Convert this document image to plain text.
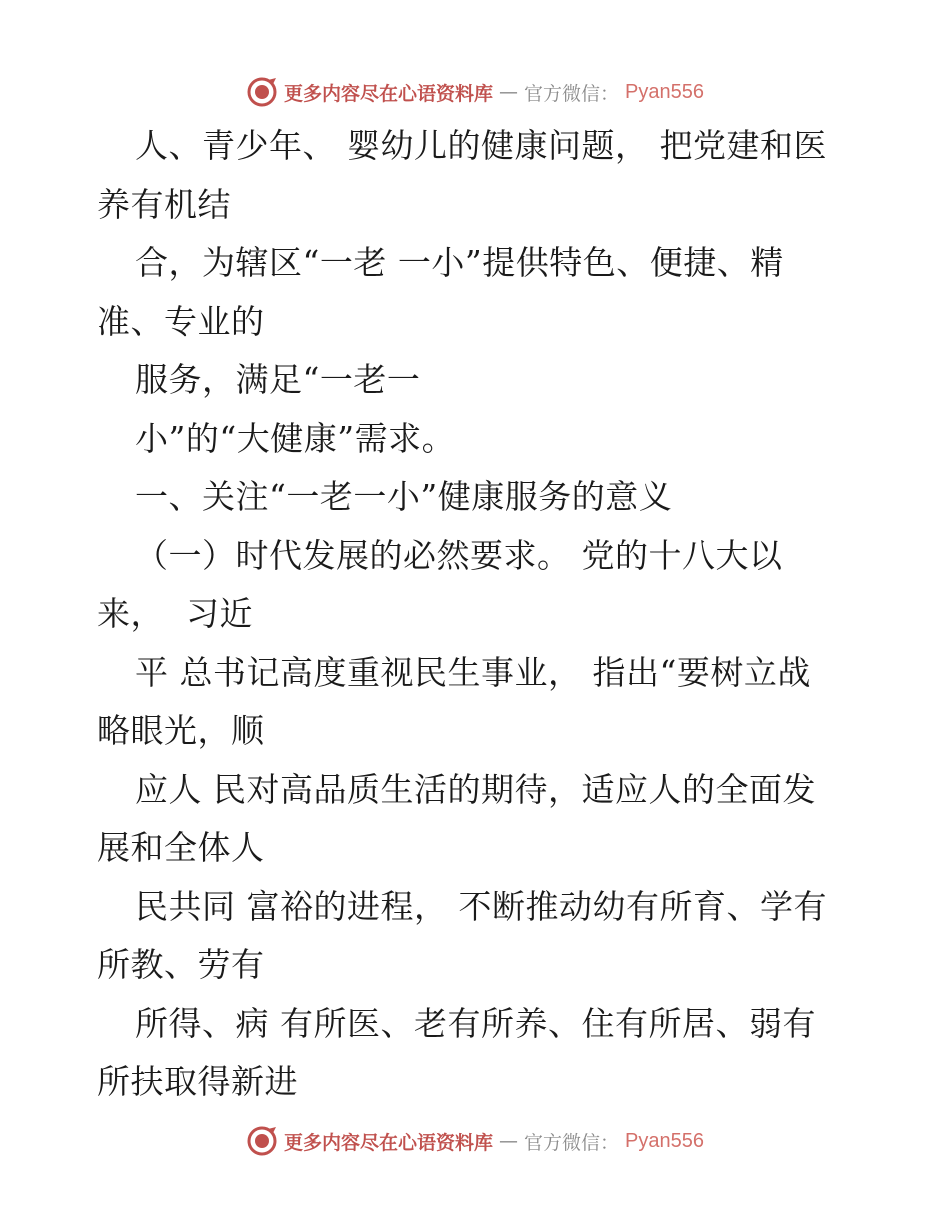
更多内容尽在心语资料库 — 官方微信： Pyan556
人、青少年、 婴幼儿的健康问题， 把党建和医
养有机结
合，为辖区“一老 一小”提供特色、便捷、精
准、专业的
服务，满足“一老一
小”的“大健康”需求。
一、关注“一老一小”健康服务的意义
（一）时代发展的必然要求。 党的十八大以
来，  习近
平 总书记高度重视民生事业， 指出“要树立战
略眼光，顺
应人 民对高品质生活的期待，适应人的全面发
展和全体人
民共同 富裕的进程， 不断推动幼有所育、学有
所教、劳有
所得、病 有所医、老有所养、住有所居、弱有
所扶取得新进
更多内容尽在心语资料库 — 官方微信： Pyan556
